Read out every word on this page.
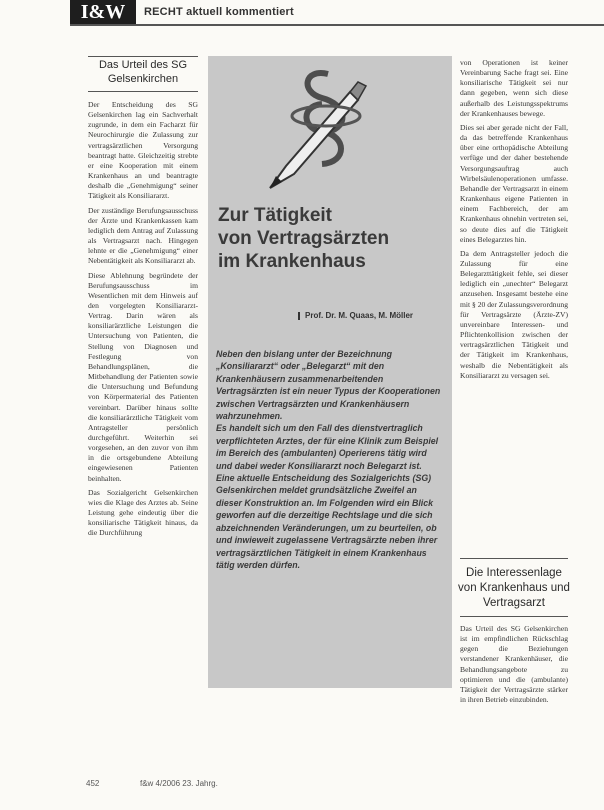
I&W	RECHT aktuell kommentiert
Das Urteil des SG Gelsenkirchen

Der Entscheidung des SG Gelsenkirchen lag ein Sachverhalt zugrunde, in dem ein Facharzt für Neurochirurgie die Zulassung zur vertragsärztlichen Versorgung beantragt hatte. Gleichzeitig strebte er eine Kooperation mit einem Krankenhaus an und beantragte deshalb die „Genehmigung“ seiner Tätigkeit als Konsiliararzt.

Der zuständige Berufungsausschuss der Ärzte und Krankenkassen kam lediglich dem Antrag auf Zulassung als Vertragsarzt nach. Hingegen lehnte er die „Genehmigung“ einer Nebentätigkeit als Konsiliararzt ab.

Diese Ablehnung begründete der Berufungsausschuss im Wesentlichen mit dem Hinweis auf den vorgelegten Konsiliararzt-Vertrag. Darin wären als konsiliarärztliche Leistungen die Untersuchung von Patienten, die Stellung von Diagnosen und Festlegung von Behandlungsplänen, die Mitbehandlung der Patienten sowie die Untersuchung und Befundung von Körpermaterial des Patienten vereinbart. Darüber hinaus sollte die konsiliarärztliche Tätigkeit vom Antragsteller persönlich durchgeführt. Weiterhin sei vorgesehen, an den zuvor von ihm in die ortsgebundene Abteilung eingewiesenen Patienten beinhalten.

Das Sozialgericht Gelsenkirchen wies die Klage des Arztes ab. Seine Leistung gehe eindeutig über die konsiliarische Tätigkeit hinaus, da die Durchführung

Zur Tätigkeit
von Vertragsärzten
im Krankenhaus
Prof. Dr. M. Quaas, M. Möller

Neben den bislang unter der Bezeichnung „Konsiliararzt“ oder „Belegarzt“ mit den Krankenhäusern zusammenarbeitenden Vertragsärzten ist ein neuer Typus der Kooperationen zwischen Vertragsärzten und Krankenhäusern wahrzunehmen.

Es handelt sich um den Fall des dienstvertraglich verpflichteten Arztes, der für eine Klinik zum Beispiel im Bereich des (ambulanten) Operierens tätig wird und dabei weder Konsiliararzt noch Belegarzt ist.

Eine aktuelle Entscheidung des Sozialgerichts (SG) Gelsenkirchen meldet grundsätzliche Zweifel an dieser Konstruktion an. Im Folgenden wird ein Blick geworfen auf die derzeitige Rechtslage und die sich abzeichnenden Veränderungen, um zu beurteilen, ob und inwieweit zugelassene Vertragsärzte neben ihrer vertragsärztlichen Tätigkeit in einem Krankenhaus tätig werden dürfen.

von Operationen ist keiner Vereinbarung Sache fragt sei. Eine konsiliarische Tätigkeit sei nur dann gegeben, wenn sich diese außerhalb des Leistungsspektrums der Krankenhauses bewege.

Dies sei aber gerade nicht der Fall, da das betreffende Krankenhaus über eine orthopädische Abteilung verfüge und der daher bestehende Versorgungsauftrag auch Wirbelsäulenoperationen umfasse. Behandle der Vertragsarzt in einem Krankenhaus eigene Patienten in einem Fachbereich, der am Krankenhaus ohnehin vertreten sei, so deute dies auf die Tätigkeit eines Belegarztes hin.

Da dem Antragsteller jedoch die Zulassung für eine Belegarzttätigkeit fehle, sei dieser lediglich ein „unechter“ Belegarzt anzusehen. Insgesamt bestehe eine mit § 20 der Zulassungsverordnung für Vertragsärzte (Ärzte-ZV) unvereinbare Interessen- und Pflichtenkollision zwischen der vertragsärztlichen Tätigkeit und der Tätigkeit im Krankenhaus, weshalb die Nebentätigkeit als Konsiliararzt zu versagen sei.

Die Interessenlage von Krankenhaus und Vertragsarzt

Das Urteil des SG Gelsenkirchen ist im empfindlichen Rückschlag gegen die Beziehungen verstandener Krankenhäuser, die Behandlungsangebote zu optimieren und die (ambulante) Tätigkeit der Vertragsärzte stärker in ihren Betrieb einzubinden.

452	f&w 4/2006 23. Jahrg.
